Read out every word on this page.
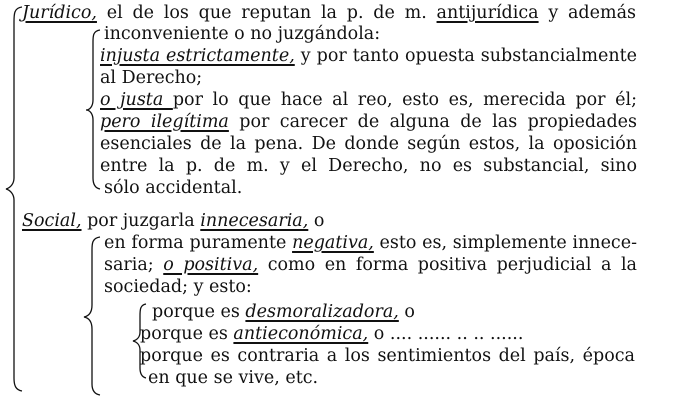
Jurídico, el de los que reputan la p. de m. antijurídica y además
inconveniente o no juzgándola:
injusta estrictamente, y por tanto opuesta substancialmente
al Derecho;
o justa por lo que hace al reo, esto es, merecida por él;
pero ilegítima por carecer de alguna de las propiedades
esenciales de la pena. De donde según estos, la oposición
entre la p. de m. y el Derecho, no es substancial, sino
sólo accidental.
Social, por juzgarla innecesaria, o
en forma puramente negativa, esto es, simplemente innece-
saria; o positiva, como en forma positiva perjudicial a la
sociedad; y esto:
porque es desmoralizadora, o
porque es antieconómica, o .... ...... .. .. ......
porque es contraria a los sentimientos del país, época
en que se vive, etc.
